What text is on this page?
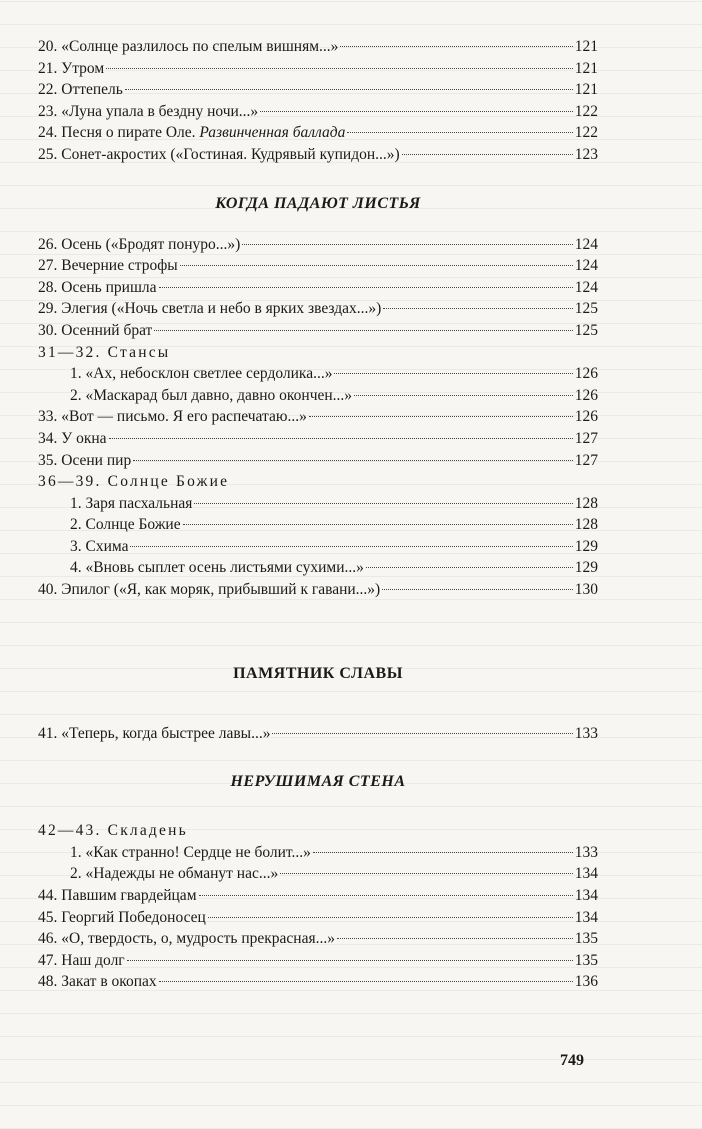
20. «Солнце разлилось по спелым вишням...»	121
21. Утром	121
22. Оттепель	121
23. «Луна упала в бездну ночи...»	122
24. Песня о пирате Оле. Развинченная баллада	122
25. Сонет-акростих («Гостиная. Кудрявый купидон...»)	123
КОГДА ПАДАЮТ ЛИСТЬЯ
26. Осень («Бродят понуро...»)	124
27. Вечерние строфы	124
28. Осень пришла	124
29. Элегия («Ночь светла и небо в ярких звездах...»)	125
30. Осенний брат	125
31—32. Стансы
1. «Ах, небосклон светлее сердолика...»	126
2. «Маскарад был давно, давно окончен...»	126
33. «Вот — письмо. Я его распечатаю...»	126
34. У окна	127
35. Осени пир	127
36—39. Солнце Божие
1. Заря пасхальная	128
2. Солнце Божие	128
3. Схима	129
4. «Вновь сыплет осень листьями сухими...»	129
40. Эпилог («Я, как моряк, прибывший к гавани...»)	130
ПАМЯТНИК СЛАВЫ
41. «Теперь, когда быстрее лавы...»	133
НЕРУШИМАЯ СТЕНА
42—43. Складень
1. «Как странно! Сердце не болит...»	133
2. «Надежды не обманут нас...»	134
44. Павшим гвардейцам	134
45. Георгий Победоносец	134
46. «О, твердость, о, мудрость прекрасная...»	135
47. Наш долг	135
48. Закат в окопах	136
749
